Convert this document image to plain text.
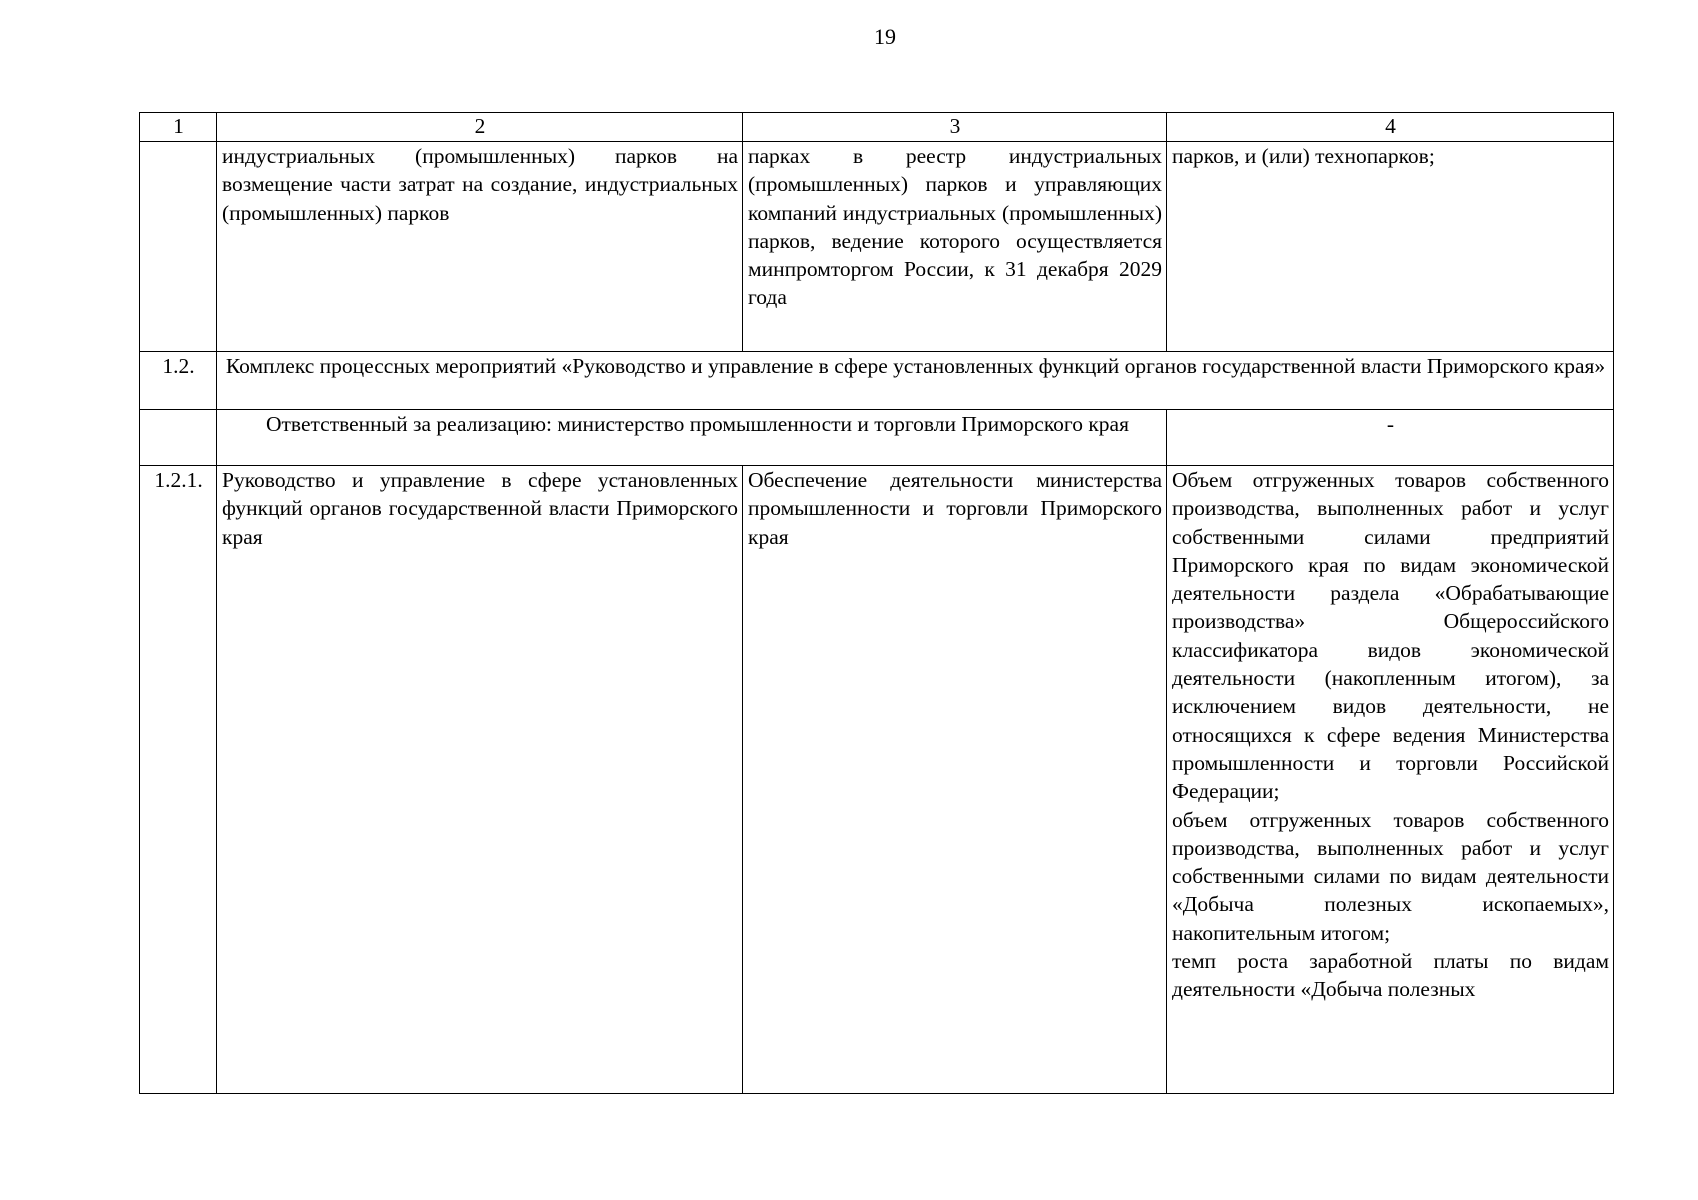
19
1	2	3	4
	индустриальных (промышленных) парков на возмещение части затрат на создание, индустриальных (промышленных) парков	парках в реестр индустриальных (промышленных) парков и управляющих компаний индустриальных (промышленных) парков, ведение которого осуществляется минпромторгом России, к 31 декабря 2029 года	парков, и (или) технопарков;
1.2.	Комплекс процессных мероприятий «Руководство и управление в сфере установленных функций органов государственной власти Приморского края»		
	Ответственный за реализацию: министерство промышленности и торговли Приморского края		-
1.2.1.	Руководство и управление в сфере установленных функций органов государственной власти Приморского края	Обеспечение деятельности министерства промышленности и торговли Приморского края	Объем отгруженных товаров собственного производства, выполненных работ и услуг собственными силами предприятий Приморского края по видам экономической деятельности раздела «Обрабатывающие производства» Общероссийского классификатора видов экономической деятельности (накопленным итогом), за исключением видов деятельности, не относящихся к сфере ведения Министерства промышленности и торговли Российской Федерации;
объем отгруженных товаров собственного производства, выполненных работ и услуг собственными силами по видам деятельности «Добыча полезных ископаемых», накопительным итогом;
темп роста заработной платы по видам деятельности «Добыча полезных
